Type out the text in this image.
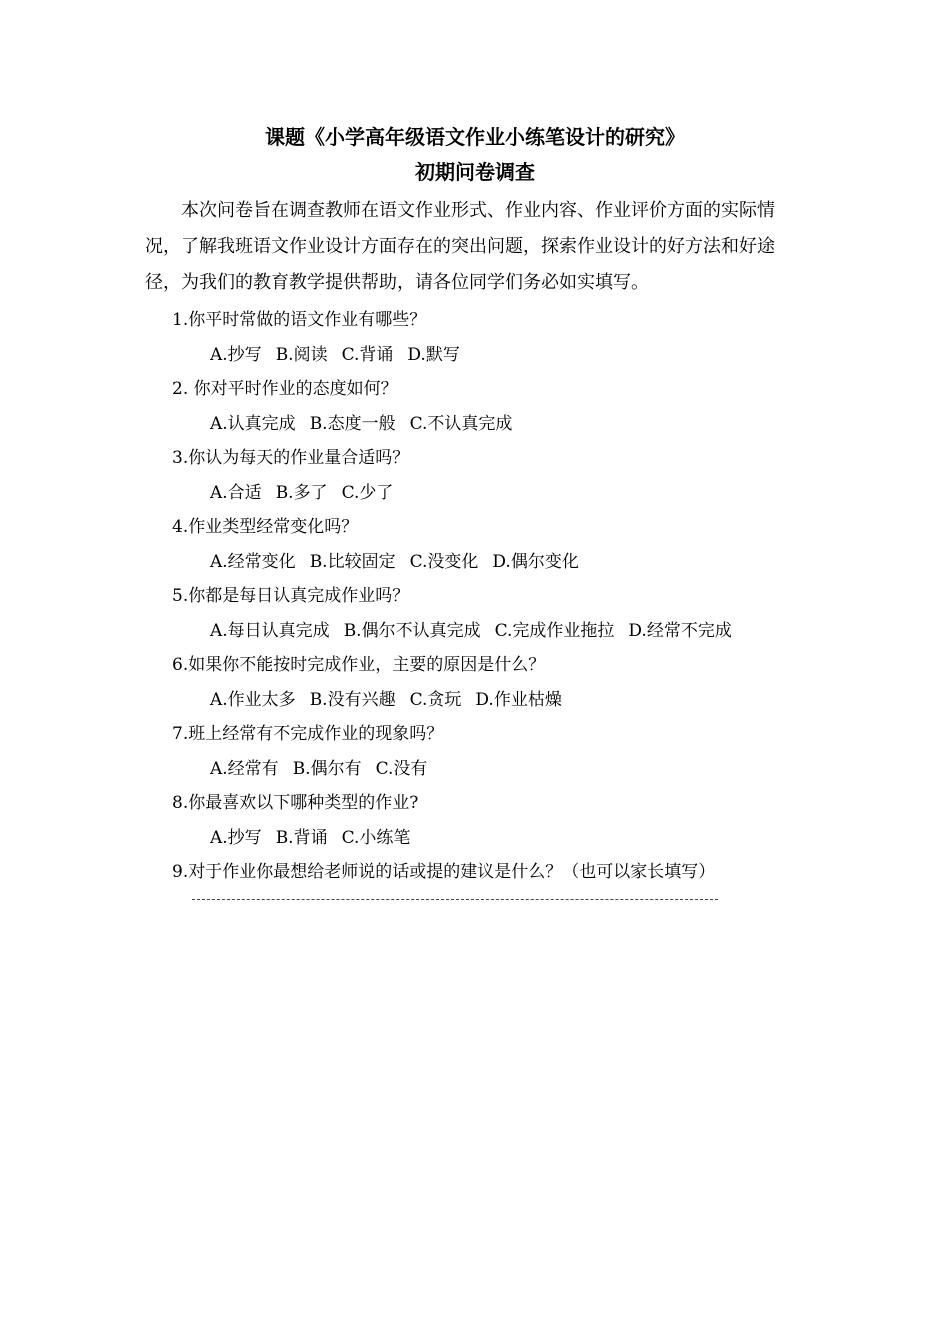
课题《小学高年级语文作业小练笔设计的研究》
初期问卷调查
本次问卷旨在调查教师在语文作业形式、作业内容、作业评价方面的实际情况，了解我班语文作业设计方面存在的突出问题，探索作业设计的好方法和好途径，为我们的教育教学提供帮助，请各位同学们务必如实填写。
1.你平时常做的语文作业有哪些？
A.抄写 B.阅读 C.背诵 D.默写
2. 你对平时作业的态度如何？
A.认真完成 B.态度一般 C.不认真完成
3.你认为每天的作业量合适吗？
A.合适 B.多了 C.少了
4.作业类型经常变化吗？
A.经常变化 B.比较固定 C.没变化 D.偶尔变化
5.你都是每日认真完成作业吗？
A.每日认真完成 B.偶尔不认真完成 C.完成作业拖拉 D.经常不完成
6.如果你不能按时完成作业，主要的原因是什么？
A.作业太多 B.没有兴趣 C.贪玩 D.作业枯燥
7.班上经常有不完成作业的现象吗？
A.经常有 B.偶尔有 C.没有
8.你最喜欢以下哪种类型的作业?
A.抄写 B.背诵 C.小练笔
9.对于作业你最想给老师说的话或提的建议是什么？（也可以家长填写）
